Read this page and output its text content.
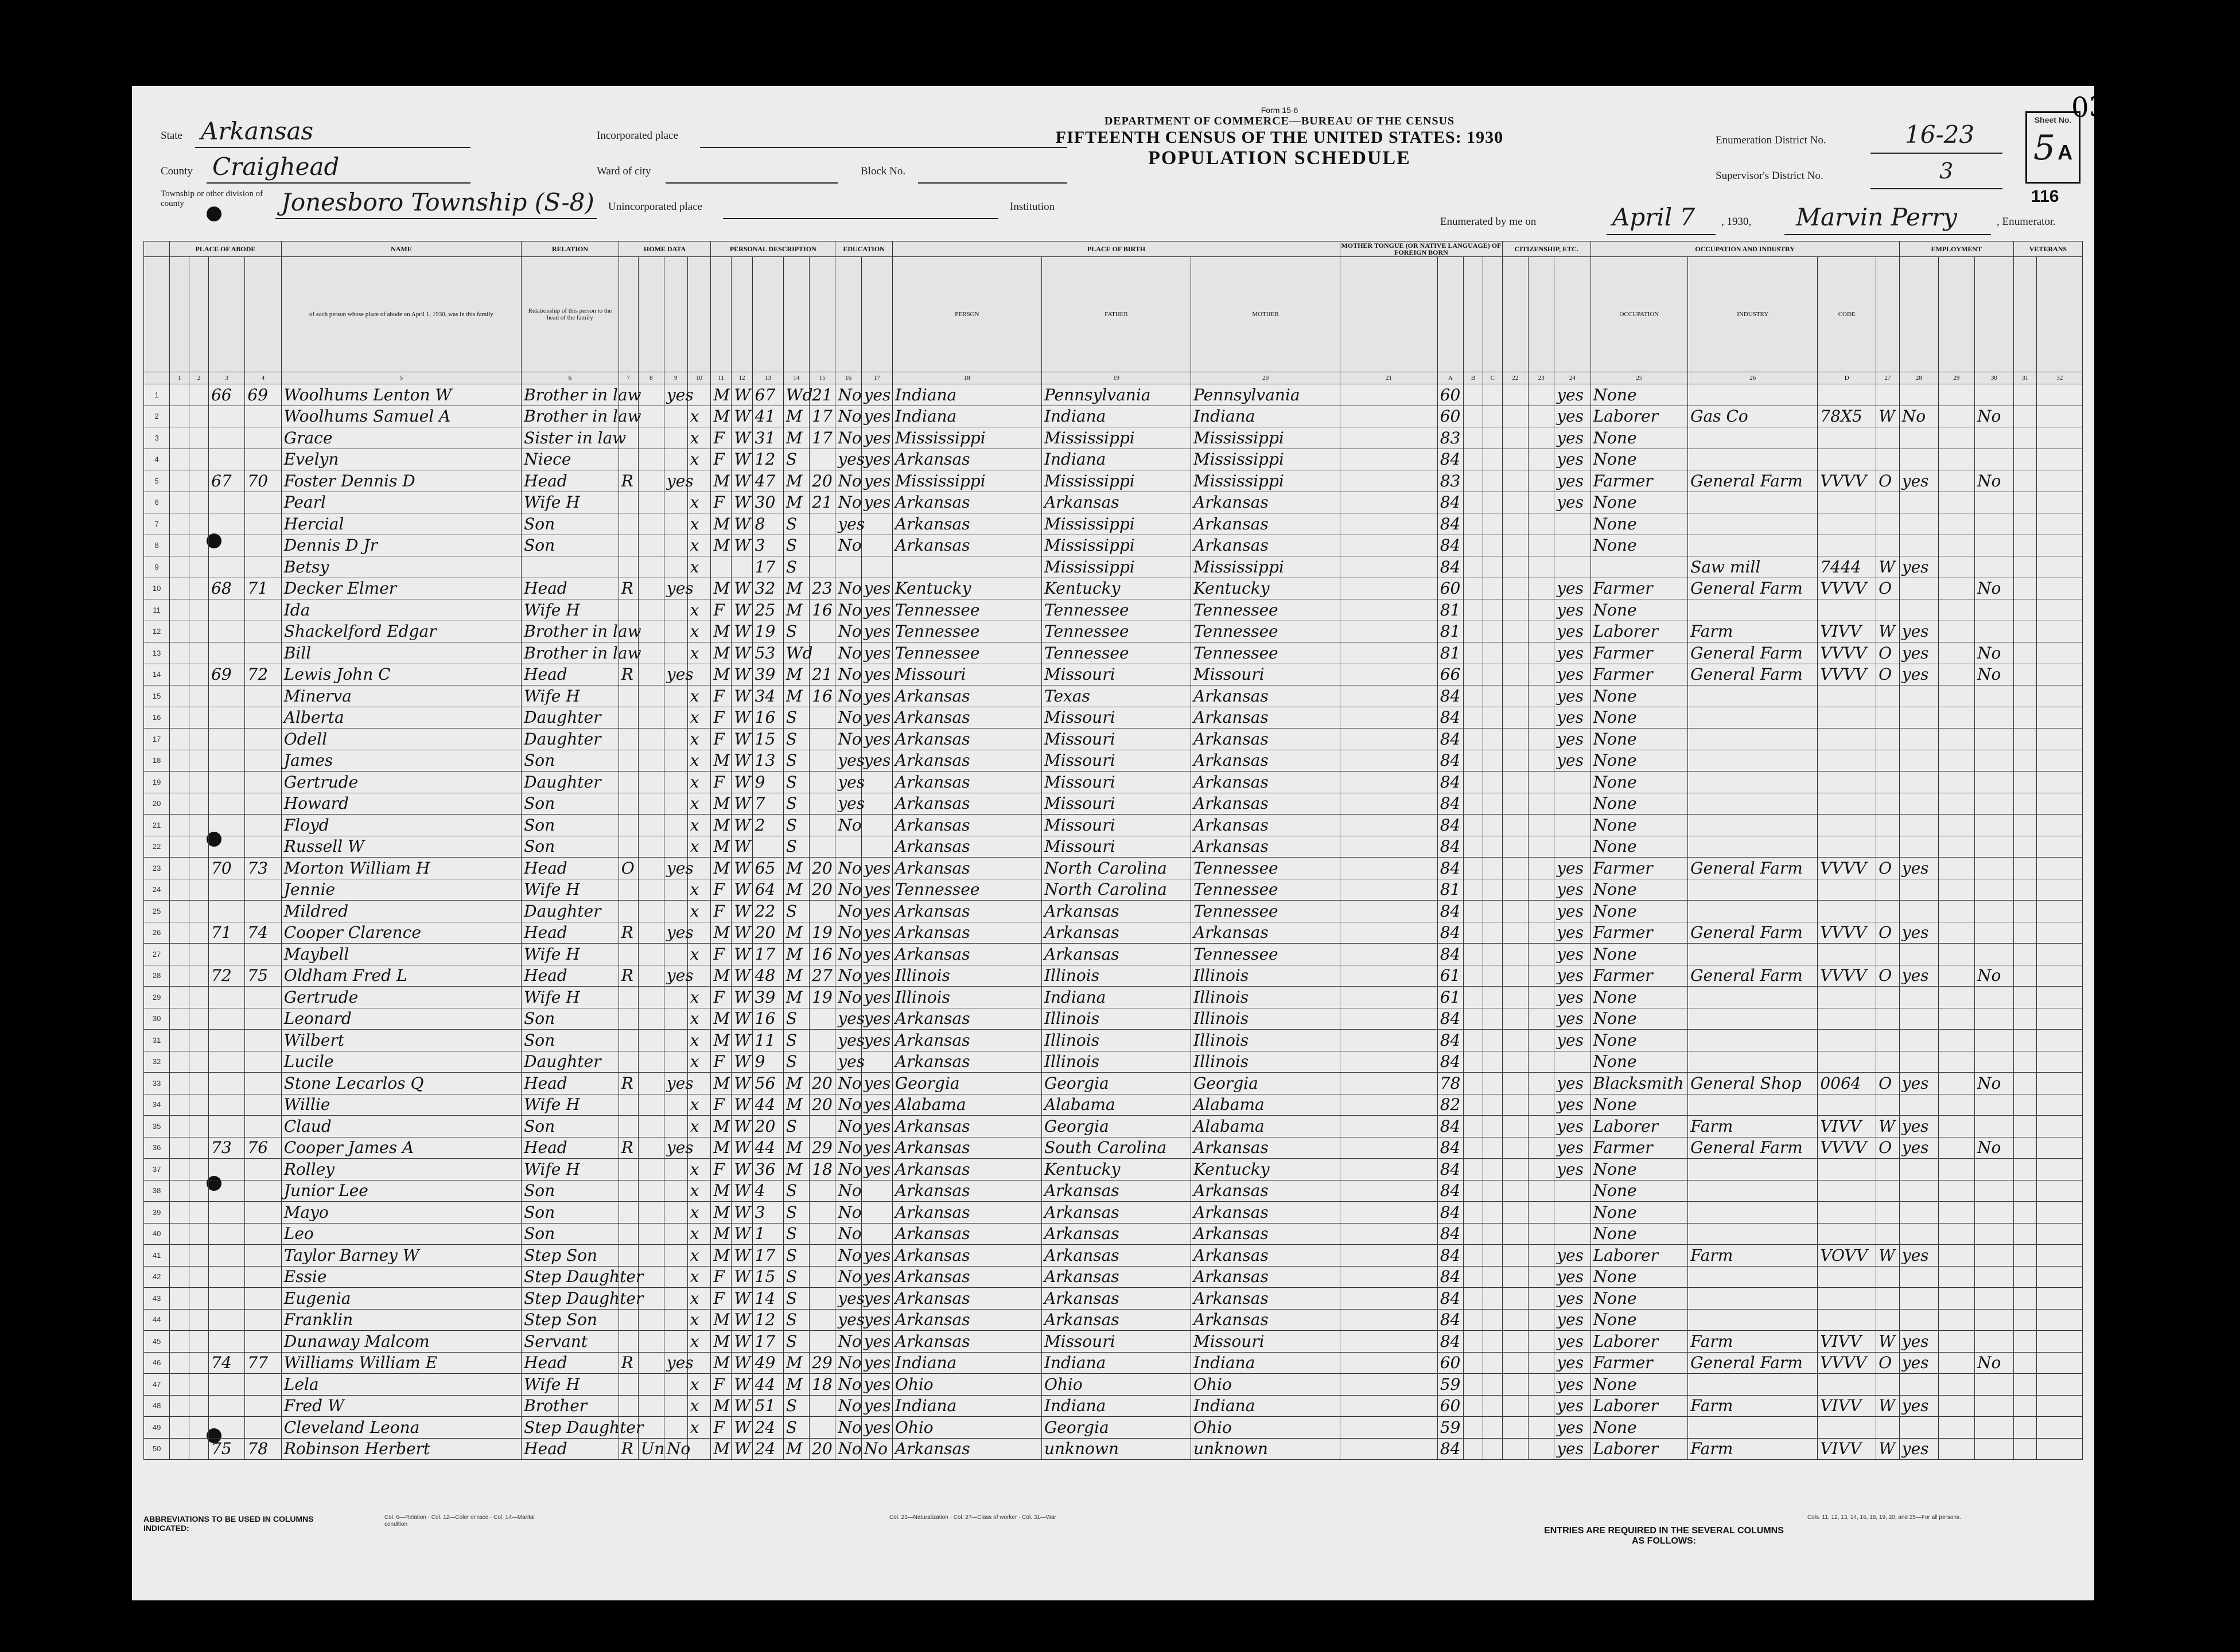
State Arkansas	Incorporated place
County Craighead	Ward of city	Block No.
Township or other division of county	Jonesboro Township (S-8) Unincorporated place	Institution
Form 15-6
DEPARTMENT OF COMMERCE—BUREAU OF THE CENSUS
FIFTEENTH CENSUS OF THE UNITED STATES: 1930
POPULATION SCHEDULE
Enumeration District No.	16-23
Supervisor's District No.	3
Sheet No.
5 A
116
Enumerated by me on	April 7 , 1930, Marvin Perry	, Enumerator.
	PLACE OF ABODE				NAME	RELATION	HOME DATA				PERSONAL DESCRIPTION					EDUCATION		PLACE OF BIRTH			MOTHER TONGUE (OR NATIVE LANGUAGE) OF FOREIGN BORN				CITIZENSHIP, ETC.			OCCUPATION AND INDUSTRY				EMPLOYMENT			VETERANS	
					of each person whose place of abode on April 1, 1930, was in this family	Relationship of this person to the head of the family												PERSON	FATHER	MOTHER								OCCUPATION	INDUSTRY	CODE						
	1	2	3	4	5	6	7	8	9	10	11	12	13	14	15	16	17	18	19	20	21	A	B	C	22	23	24	25	26	D	27	28	29	30	31	32
1			66	69	Woolhums Lenton W	Brother in law			yes		M	W	67	Wd	21	No	yes	Indiana	Pennsylvania	Pennsylvania		60					yes	None								
2					Woolhums Samuel A	Brother in law				x	M	W	41	M	17	No	yes	Indiana	Indiana	Indiana		60					yes	Laborer	Gas Co	78X5	W	No		No		
3					Grace	Sister in law				x	F	W	31	M	17	No	yes	Mississippi	Mississippi	Mississippi		83					yes	None								
4					Evelyn	Niece				x	F	W	12	S		yes	yes	Arkansas	Indiana	Mississippi		84					yes	None								
5			67	70	Foster Dennis D	Head	R		yes		M	W	47	M	20	No	yes	Mississippi	Mississippi	Mississippi		83					yes	Farmer	General Farm	VVVV	O	yes		No		
6					Pearl	Wife H				x	F	W	30	M	21	No	yes	Arkansas	Arkansas	Arkansas		84					yes	None								
7					Hercial	Son				x	M	W	8	S		yes		Arkansas	Mississippi	Arkansas		84						None								
8					Dennis D Jr	Son				x	M	W	3	S		No		Arkansas	Mississippi	Arkansas		84						None								
9					Betsy					x			17	S					Mississippi	Mississippi		84							Saw mill	7444	W	yes				
10			68	71	Decker Elmer	Head	R		yes		M	W	32	M	23	No	yes	Kentucky	Kentucky	Kentucky		60					yes	Farmer	General Farm	VVVV	O			No		
11					Ida	Wife H				x	F	W	25	M	16	No	yes	Tennessee	Tennessee	Tennessee		81					yes	None								
12					Shackelford Edgar	Brother in law				x	M	W	19	S		No	yes	Tennessee	Tennessee	Tennessee		81					yes	Laborer	Farm	VIVV	W	yes				
13					Bill	Brother in law				x	M	W	53	Wd		No	yes	Tennessee	Tennessee	Tennessee		81					yes	Farmer	General Farm	VVVV	O	yes		No		
14			69	72	Lewis John C	Head	R		yes		M	W	39	M	21	No	yes	Missouri	Missouri	Missouri		66					yes	Farmer	General Farm	VVVV	O	yes		No		
15					Minerva	Wife H				x	F	W	34	M	16	No	yes	Arkansas	Texas	Arkansas		84					yes	None								
16					Alberta	Daughter				x	F	W	16	S		No	yes	Arkansas	Missouri	Arkansas		84					yes	None								
17					Odell	Daughter				x	F	W	15	S		No	yes	Arkansas	Missouri	Arkansas		84					yes	None								
18					James	Son				x	M	W	13	S		yes	yes	Arkansas	Missouri	Arkansas		84					yes	None								
19					Gertrude	Daughter				x	F	W	9	S		yes		Arkansas	Missouri	Arkansas		84						None								
20					Howard	Son				x	M	W	7	S		yes		Arkansas	Missouri	Arkansas		84						None								
21					Floyd	Son				x	M	W	2	S		No		Arkansas	Missouri	Arkansas		84						None								
22					Russell W	Son				x	M	W		S				Arkansas	Missouri	Arkansas		84						None								
23			70	73	Morton William H	Head	O		yes		M	W	65	M	20	No	yes	Arkansas	North Carolina	Tennessee		84					yes	Farmer	General Farm	VVVV	O	yes				
24					Jennie	Wife H				x	F	W	64	M	20	No	yes	Tennessee	North Carolina	Tennessee		81					yes	None								
25					Mildred	Daughter				x	F	W	22	S		No	yes	Arkansas	Arkansas	Tennessee		84					yes	None								
26			71	74	Cooper Clarence	Head	R		yes		M	W	20	M	19	No	yes	Arkansas	Arkansas	Arkansas		84					yes	Farmer	General Farm	VVVV	O	yes				
27					Maybell	Wife H				x	F	W	17	M	16	No	yes	Arkansas	Arkansas	Tennessee		84					yes	None								
28			72	75	Oldham Fred L	Head	R		yes		M	W	48	M	27	No	yes	Illinois	Illinois	Illinois		61					yes	Farmer	General Farm	VVVV	O	yes		No		
29					Gertrude	Wife H				x	F	W	39	M	19	No	yes	Illinois	Indiana	Illinois		61					yes	None								
30					Leonard	Son				x	M	W	16	S		yes	yes	Arkansas	Illinois	Illinois		84					yes	None								
31					Wilbert	Son				x	M	W	11	S		yes	yes	Arkansas	Illinois	Illinois		84					yes	None								
32					Lucile	Daughter				x	F	W	9	S		yes		Arkansas	Illinois	Illinois		84						None								
33					Stone Lecarlos Q	Head	R		yes		M	W	56	M	20	No	yes	Georgia	Georgia	Georgia		78					yes	Blacksmith	General Shop	0064	O	yes		No		
34					Willie	Wife H				x	F	W	44	M	20	No	yes	Alabama	Alabama	Alabama		82					yes	None								
35					Claud	Son				x	M	W	20	S		No	yes	Arkansas	Georgia	Alabama		84					yes	Laborer	Farm	VIVV	W	yes				
36			73	76	Cooper James A	Head	R		yes		M	W	44	M	29	No	yes	Arkansas	South Carolina	Arkansas		84					yes	Farmer	General Farm	VVVV	O	yes		No		
37					Rolley	Wife H				x	F	W	36	M	18	No	yes	Arkansas	Kentucky	Kentucky		84					yes	None								
38					Junior Lee	Son				x	M	W	4	S		No		Arkansas	Arkansas	Arkansas		84						None								
39					Mayo	Son				x	M	W	3	S		No		Arkansas	Arkansas	Arkansas		84						None								
40					Leo	Son				x	M	W	1	S		No		Arkansas	Arkansas	Arkansas		84						None								
41					Taylor Barney W	Step Son				x	M	W	17	S		No	yes	Arkansas	Arkansas	Arkansas		84					yes	Laborer	Farm	VOVV	W	yes				
42					Essie	Step Daughter				x	F	W	15	S		No	yes	Arkansas	Arkansas	Arkansas		84					yes	None								
43					Eugenia	Step Daughter				x	F	W	14	S		yes	yes	Arkansas	Arkansas	Arkansas		84					yes	None								
44					Franklin	Step Son				x	M	W	12	S		yes	yes	Arkansas	Arkansas	Arkansas		84					yes	None								
45					Dunaway Malcom	Servant				x	M	W	17	S		No	yes	Arkansas	Missouri	Missouri		84					yes	Laborer	Farm	VIVV	W	yes				
46			74	77	Williams William E	Head	R		yes		M	W	49	M	29	No	yes	Indiana	Indiana	Indiana		60					yes	Farmer	General Farm	VVVV	O	yes		No		
47					Lela	Wife H				x	F	W	44	M	18	No	yes	Ohio	Ohio	Ohio		59					yes	None								
48					Fred W	Brother				x	M	W	51	S		No	yes	Indiana	Indiana	Indiana		60					yes	Laborer	Farm	VIVV	W	yes				
49					Cleveland Leona	Step Daughter				x	F	W	24	S		No	yes	Ohio	Georgia	Ohio		59					yes	None								
50			75	78	Robinson Herbert	Head	R	Un	No		M	W	24	M	20	No	No	Arkansas	unknown	unknown		84					yes	Laborer	Farm	VIVV	W	yes				
ABBREVIATIONS TO BE USED IN COLUMNS INDICATED:
Col. 6—Relation · Col. 12—Color or race · Col. 14—Marital condition
Col. 23—Naturalization · Col. 27—Class of worker · Col. 31—War
ENTRIES ARE REQUIRED IN THE SEVERAL COLUMNS AS FOLLOWS:
Cols. 11, 12, 13, 14, 16, 18, 19, 20, and 25—For all persons.
0369
